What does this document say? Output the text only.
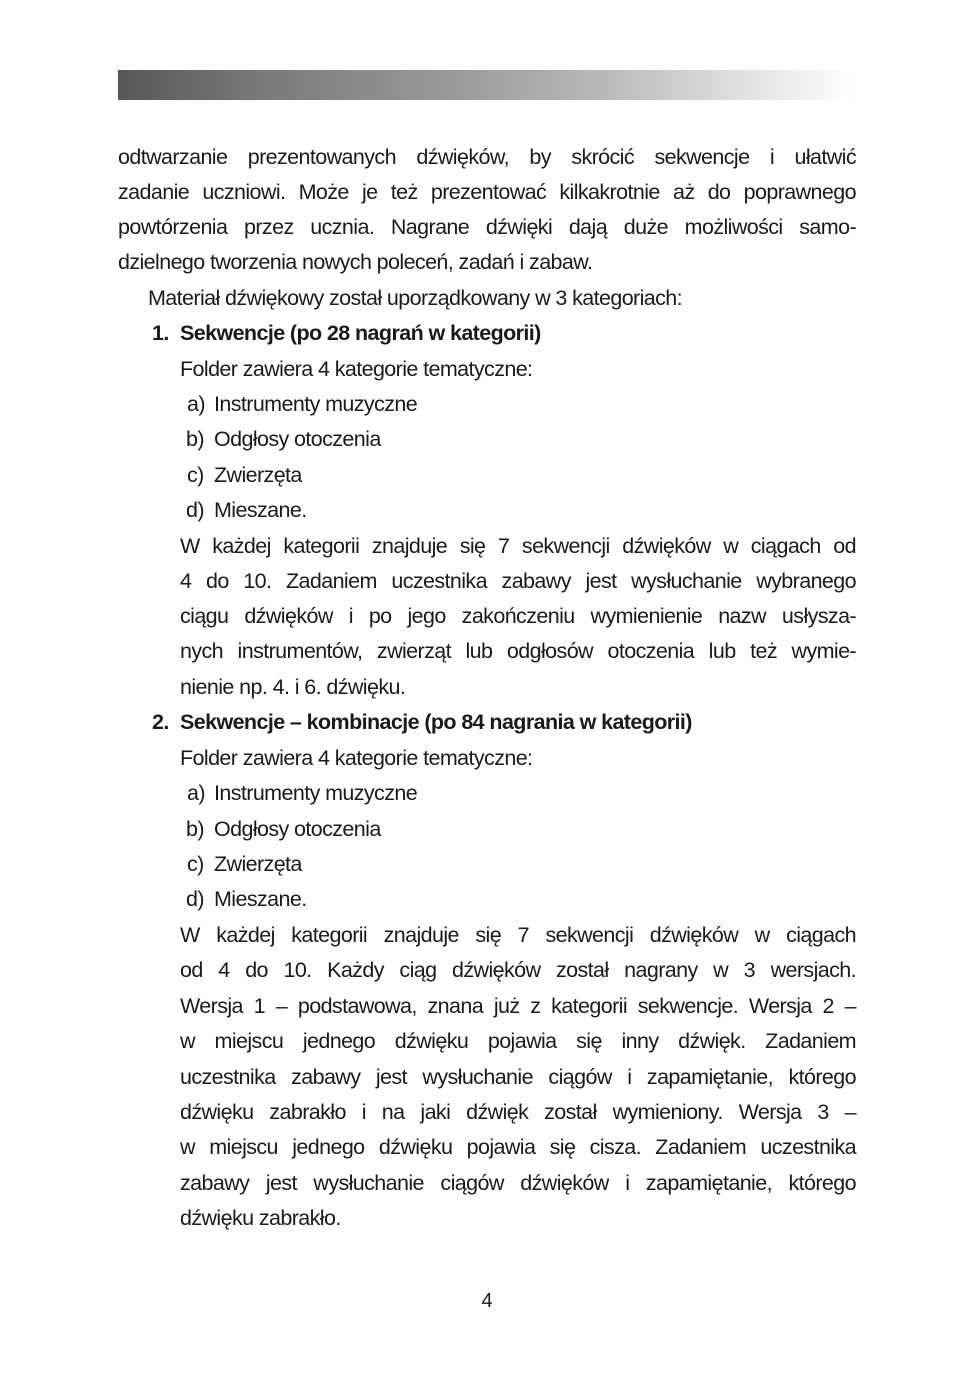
odtwarzanie prezentowanych dźwięków, by skrócić sekwencje i ułatwić
zadanie uczniowi. Może je też prezentować kilkakrotnie aż do poprawnego
powtórzenia przez ucznia. Nagrane dźwięki dają duże możliwości samo-
dzielnego tworzenia nowych poleceń, zadań i zabaw.
Materiał dźwiękowy został uporządkowany w 3 kategoriach:
1. Sekwencje (po 28 nagrań w kategorii)
Folder zawiera 4 kategorie tematyczne:
a) Instrumenty muzyczne
b) Odgłosy otoczenia
c) Zwierzęta
d) Mieszane.
W każdej kategorii znajduje się 7 sekwencji dźwięków w ciągach od
4 do 10. Zadaniem uczestnika zabawy jest wysłuchanie wybranego
ciągu dźwięków i po jego zakończeniu wymienienie nazw usłysza-
nych instrumentów, zwierząt lub odgłosów otoczenia lub też wymie-
nienie np. 4. i 6. dźwięku.
2. Sekwencje – kombinacje (po 84 nagrania w kategorii)
Folder zawiera 4 kategorie tematyczne:
a) Instrumenty muzyczne
b) Odgłosy otoczenia
c) Zwierzęta
d) Mieszane.
W każdej kategorii znajduje się 7 sekwencji dźwięków w ciągach
od 4 do 10. Każdy ciąg dźwięków został nagrany w 3 wersjach.
Wersja 1 – podstawowa, znana już z kategorii sekwencje. Wersja 2 –
w miejscu jednego dźwięku pojawia się inny dźwięk. Zadaniem
uczestnika zabawy jest wysłuchanie ciągów i zapamiętanie, którego
dźwięku zabrakło i na jaki dźwięk został wymieniony. Wersja 3 –
w miejscu jednego dźwięku pojawia się cisza. Zadaniem uczestnika
zabawy jest wysłuchanie ciągów dźwięków i zapamiętanie, którego
dźwięku zabrakło.
4
